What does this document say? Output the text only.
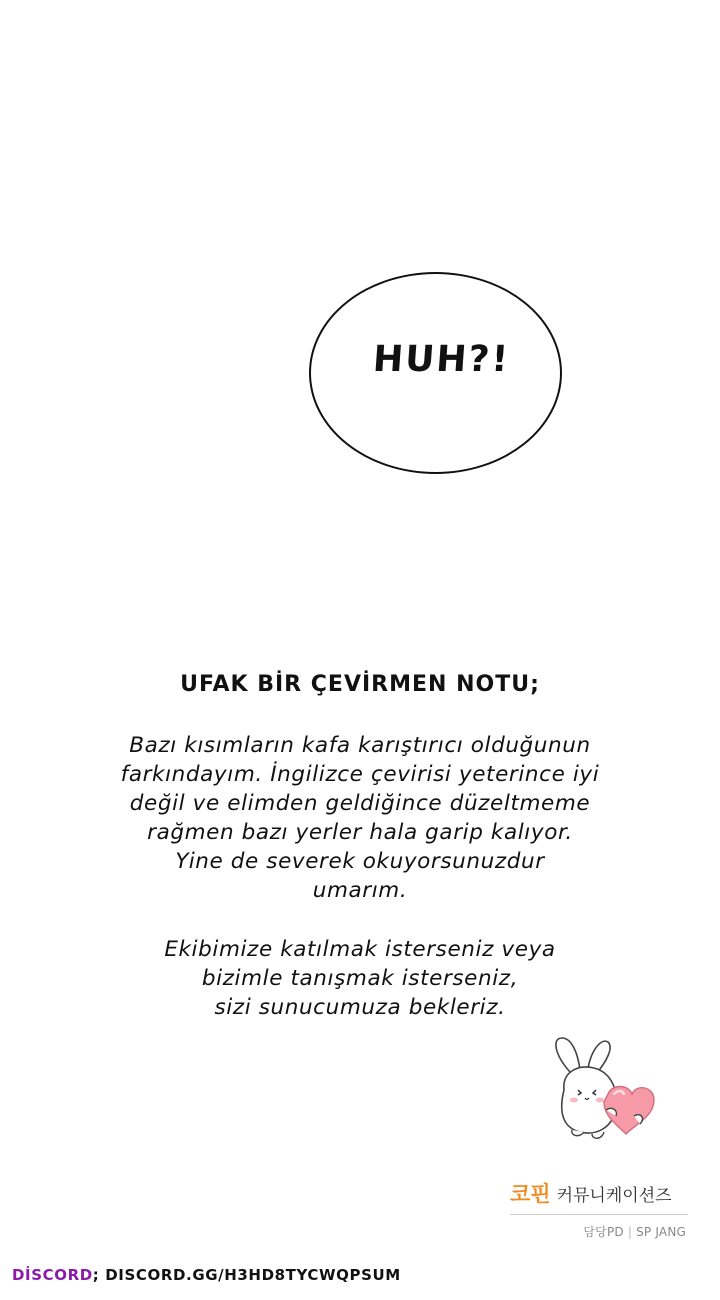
HUH?!
UFAK BİR ÇEVİRMEN NOTU;
Bazı kısımların kafa karıştırıcı olduğunun
farkındayım. İngilizce çevirisi yeterince iyi
değil ve elimden geldiğince düzeltmeme
rağmen bazı yerler hala garip kalıyor.
Yine de severek okuyorsunuzdur
umarım.
Ekibimize katılmak isterseniz veya
bizimle tanışmak isterseniz,
sizi sunucumuza bekleriz.
코핀 커뮤니케이션즈
담당PD | SP JANG
DİSCORD; DISCORD.GG/H3HD8TYCWQPSUM
